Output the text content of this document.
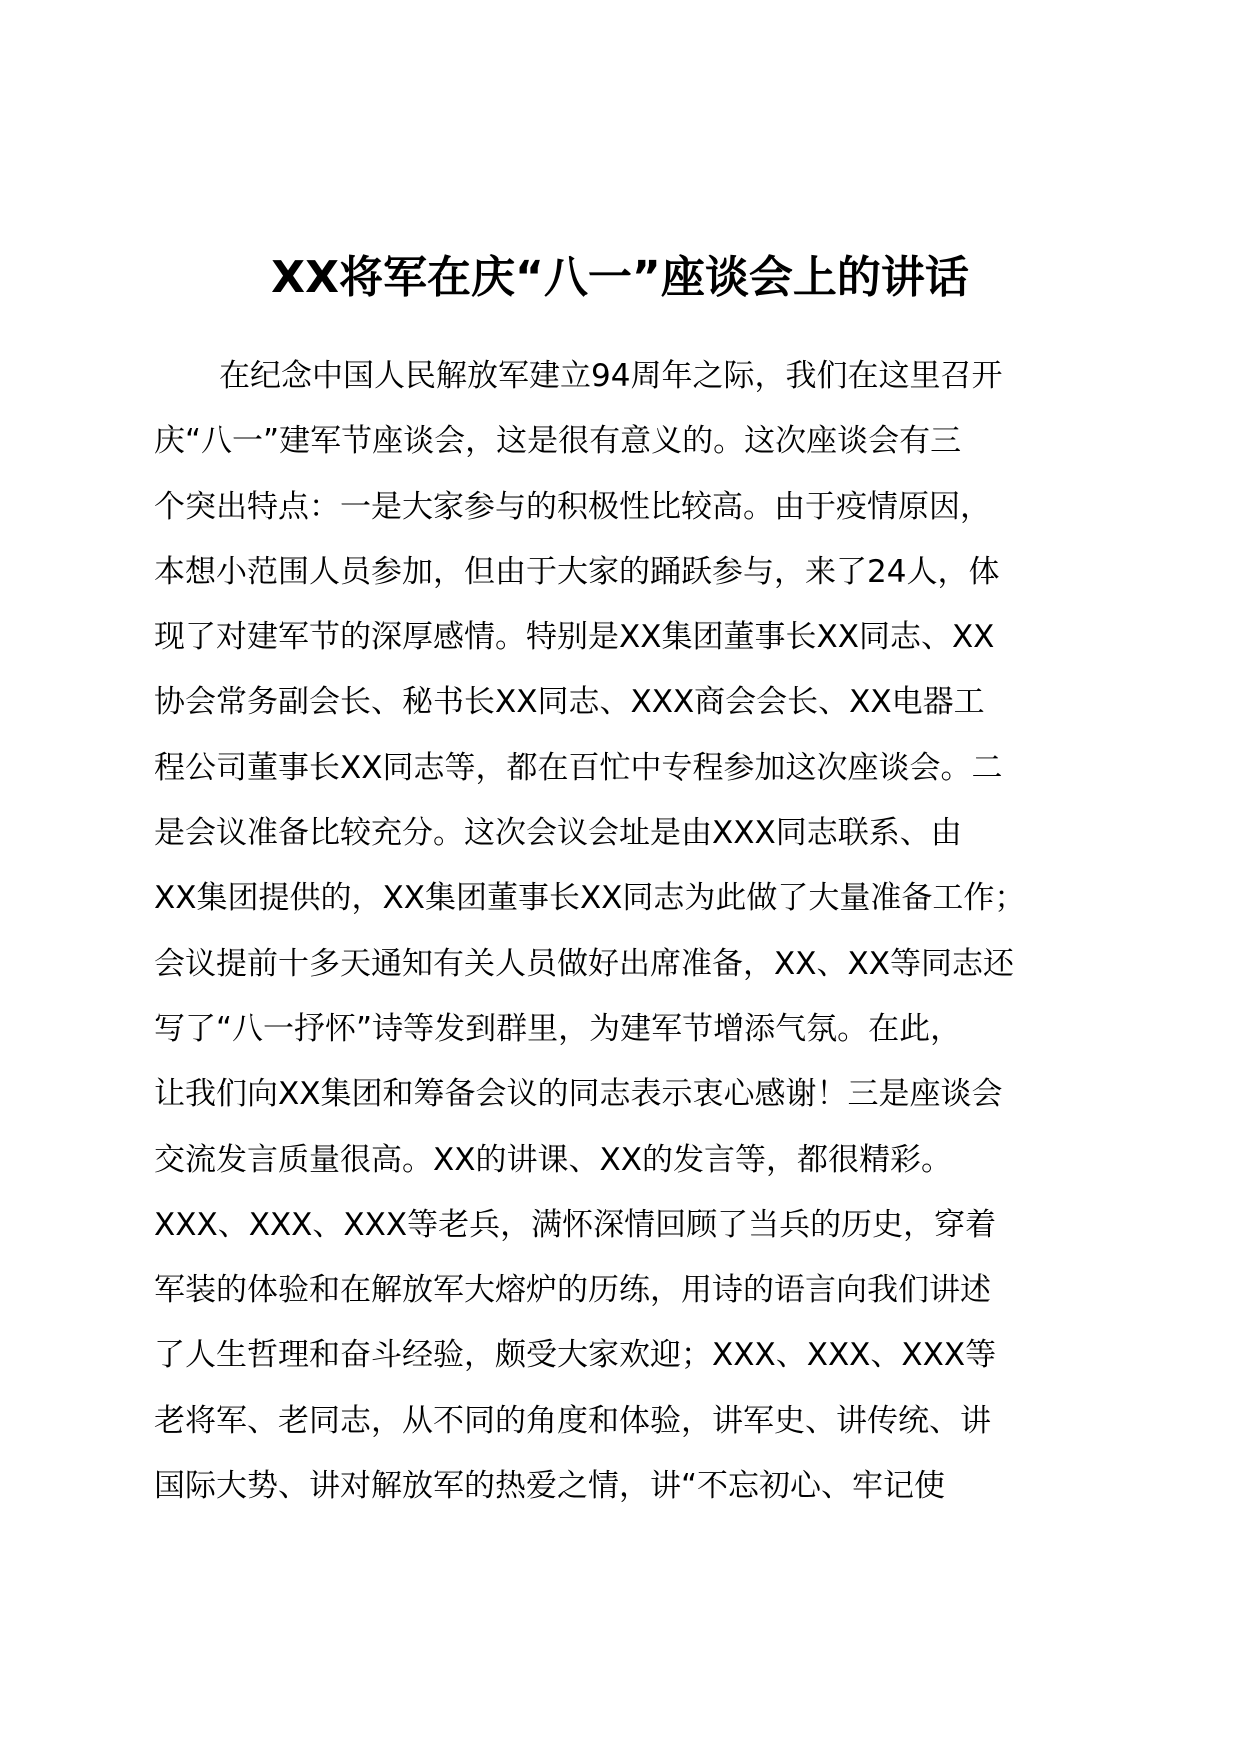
XX将军在庆“八一”座谈会上的讲话
在纪念中国人民解放军建立94周年之际，我们在这里召开
庆“八一”建军节座谈会，这是很有意义的。这次座谈会有三
个突出特点：一是大家参与的积极性比较高。由于疫情原因，
本想小范围人员参加，但由于大家的踊跃参与，来了24人，体
现了对建军节的深厚感情。特别是XX集团董事长XX同志、XX
协会常务副会长、秘书长XX同志、XXX商会会长、XX电器工
程公司董事长XX同志等，都在百忙中专程参加这次座谈会。二
是会议准备比较充分。这次会议会址是由XXX同志联系、由
XX集团提供的，XX集团董事长XX同志为此做了大量准备工作；
会议提前十多天通知有关人员做好出席准备，XX、XX等同志还
写了“八一抒怀”诗等发到群里，为建军节增添气氛。在此，
让我们向XX集团和筹备会议的同志表示衷心感谢！三是座谈会
交流发言质量很高。XX的讲课、XX的发言等，都很精彩。
XXX、XXX、XXX等老兵，满怀深情回顾了当兵的历史，穿着
军装的体验和在解放军大熔炉的历练，用诗的语言向我们讲述
了人生哲理和奋斗经验，颇受大家欢迎；XXX、XXX、XXX等
老将军、老同志，从不同的角度和体验，讲军史、讲传统、讲
国际大势、讲对解放军的热爱之情，讲“不忘初心、牢记使
